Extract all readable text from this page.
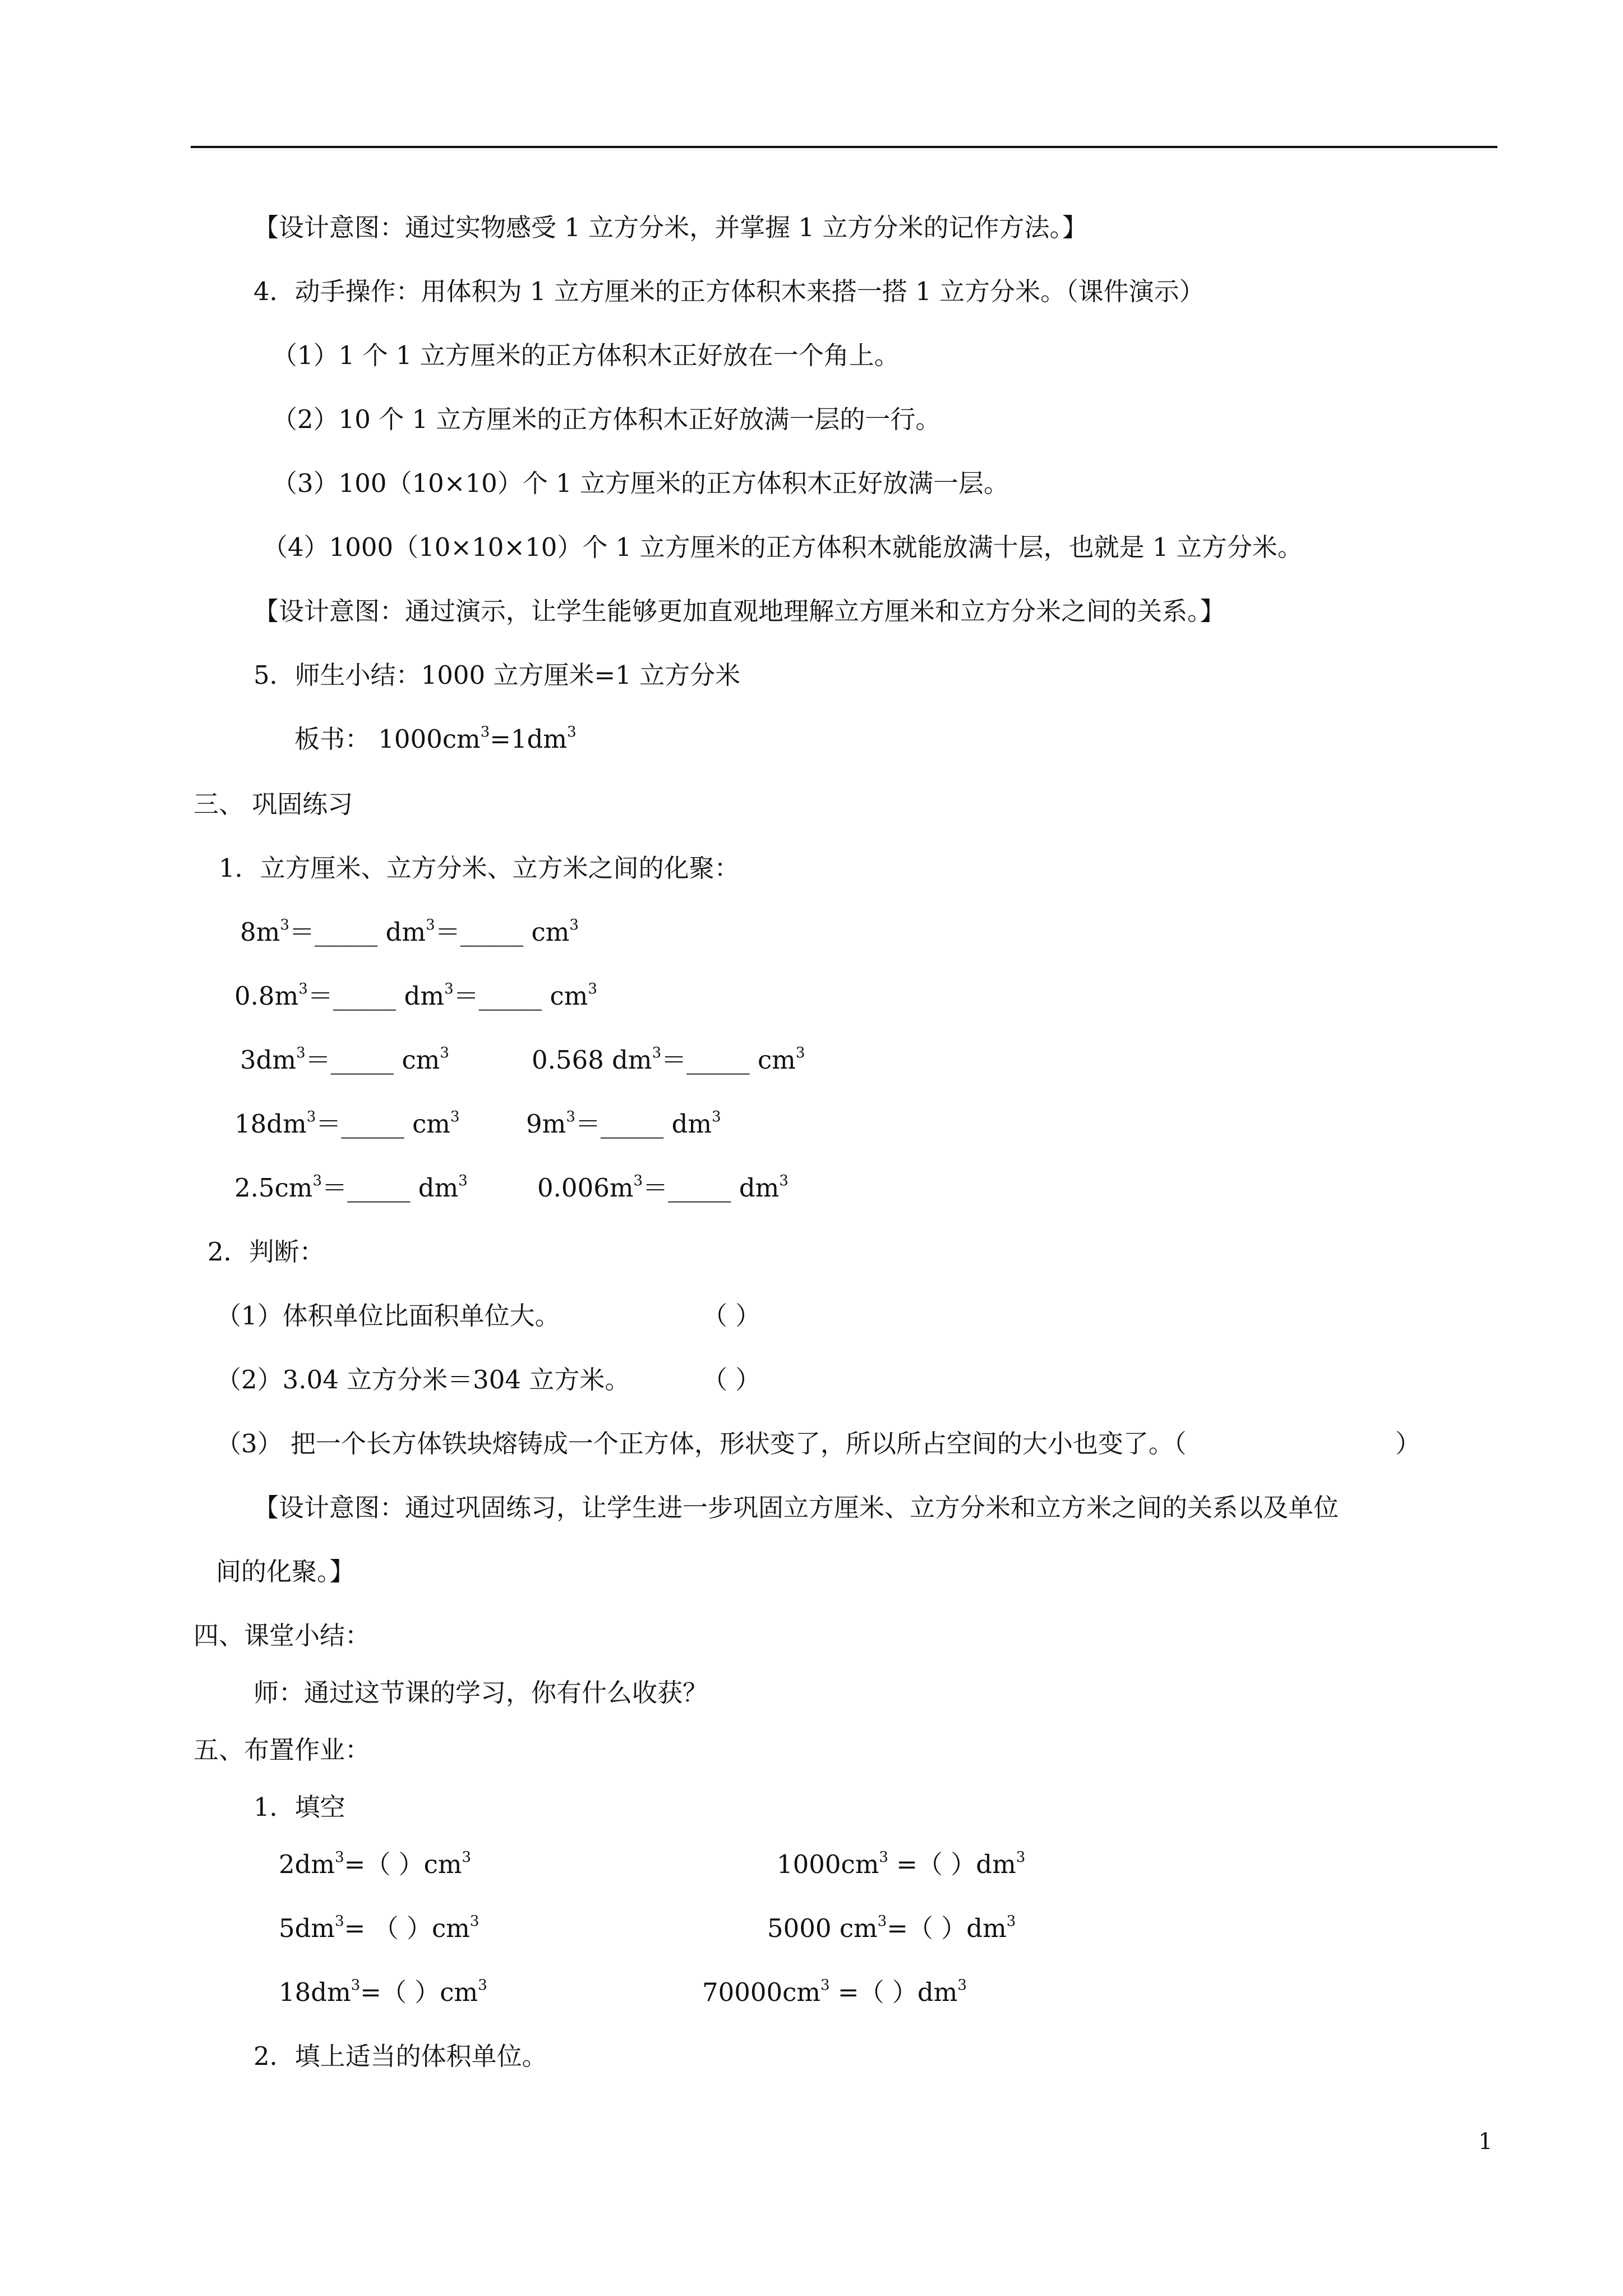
【设计意图：通过实物感受 1 立方分米，并掌握 1 立方分米的记作方法。】
4．动手操作：用体积为 1 立方厘米的正方体积木来搭一搭 1 立方分米。（课件演示）
（1）1 个 1 立方厘米的正方体积木正好放在一个角上。
（2）10 个 1 立方厘米的正方体积木正好放满一层的一行。
（3）100（10×10）个 1 立方厘米的正方体积木正好放满一层。
（4）1000（10×10×10）个 1 立方厘米的正方体积木就能放满十层，也就是 1 立方分米。
【设计意图：通过演示，让学生能够更加直观地理解立方厘米和立方分米之间的关系。】
5．师生小结：1000 立方厘米=1 立方分米
板书： $1000cm^3=1dm^3$
三、 巩固练习
1．立方厘米、立方分米、立方米之间的化聚：
$8m^3=\_\_\_\_\_$ $dm^3=\_\_\_\_\_$ $cm^3$
$0.8m^3=\_\_\_\_\_$ $dm^3=\_\_\_\_\_$ $cm^3$
$3dm^3=\_\_\_\_\_$ $cm^3$	0.568 $dm^3=\_\_\_\_\_$ $cm^3$
$18dm^3=\_\_\_\_\_$ $cm^3$	$9m^3=\_\_\_\_\_$ $dm^3$
$2.5cm^3=\_\_\_\_\_$ $dm^3$	$0.006m^3=\_\_\_\_\_$ $dm^3$
2．判断：
（1）体积单位比面积单位大。	（ ）
（2）3.04 立方分米＝304 立方米。	（ ）
（3） 把一个长方体铁块熔铸成一个正方体，形状变了，所以所占空间的大小也变了。（	）
【设计意图：通过巩固练习，让学生进一步巩固立方厘米、立方分米和立方米之间的关系以及单位
间的化聚。】
四、课堂小结：
师：通过这节课的学习，你有什么收获？
五、布置作业：
1．填空
$2dm^3=$（ ）$cm^3$	$1000cm^3$ =（ ）$dm^3$
$5dm^3=$ （ ）$cm^3$	5000 $cm^3=$（ ）$dm^3$
$18dm^3=$（ ）$cm^3$	$70000cm^3$ =（ ）$dm^3$
2．填上适当的体积单位。
1
